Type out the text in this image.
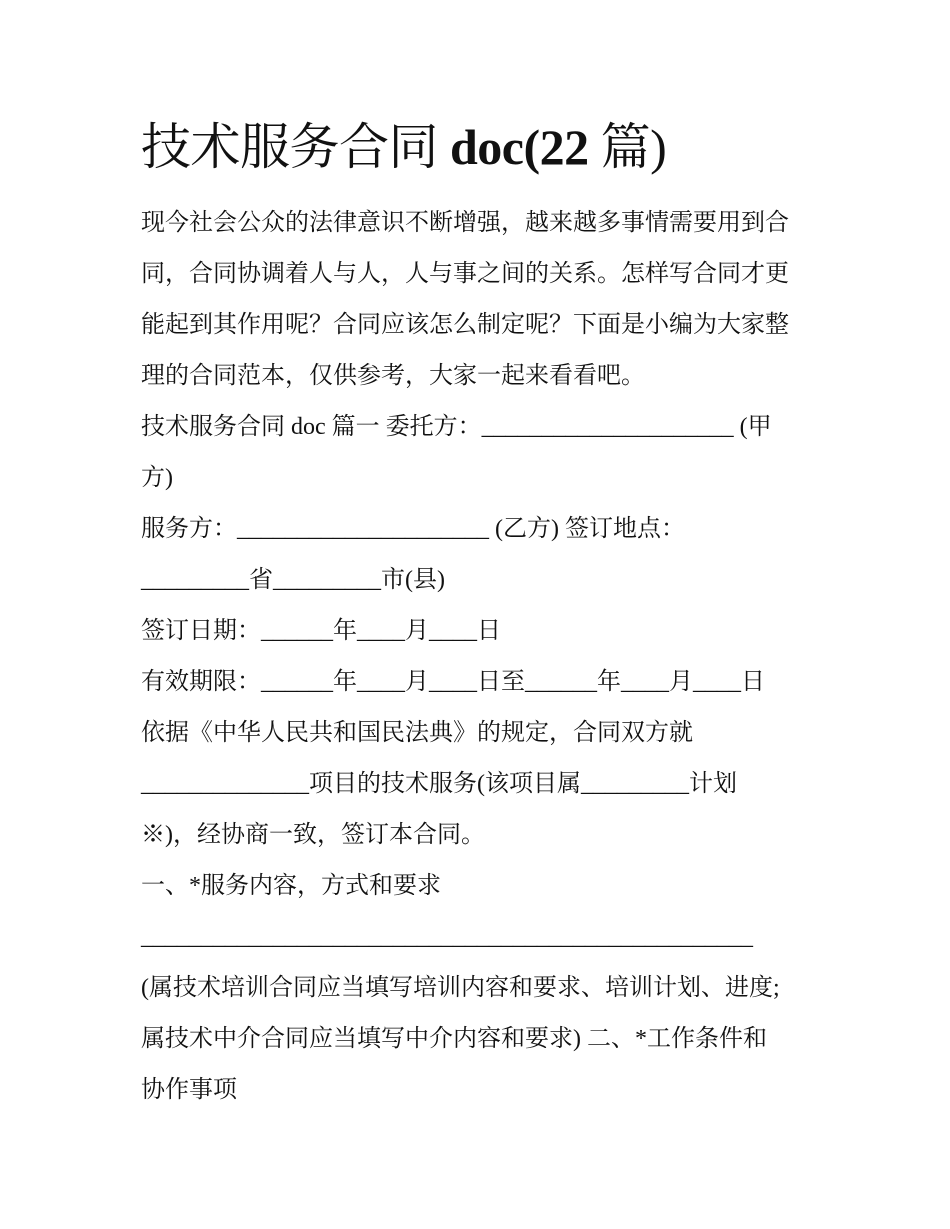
技术服务合同 doc(22 篇)
现今社会公众的法律意识不断增强，越来越多事情需要用到合
同，合同协调着人与人，人与事之间的关系。怎样写合同才更
能起到其作用呢？合同应该怎么制定呢？下面是小编为大家整
理的合同范本，仅供参考，大家一起来看看吧。
技术服务合同 doc 篇一 委托方：_____________________ (甲
方)
服务方：_____________________ (乙方) 签订地点：
_________省_________市(县)
签订日期：______年____月____日
有效期限：______年____月____日至______年____月____日
依据《中华人民共和国民法典》的规定，合同双方就
______________项目的技术服务(该项目属_________计划
※)，经协商一致，签订本合同。
一、*服务内容，方式和要求
___________________________________________________
(属技术培训合同应当填写培训内容和要求、培训计划、进度;
属技术中介合同应当填写中介内容和要求) 二、*工作条件和
协作事项
